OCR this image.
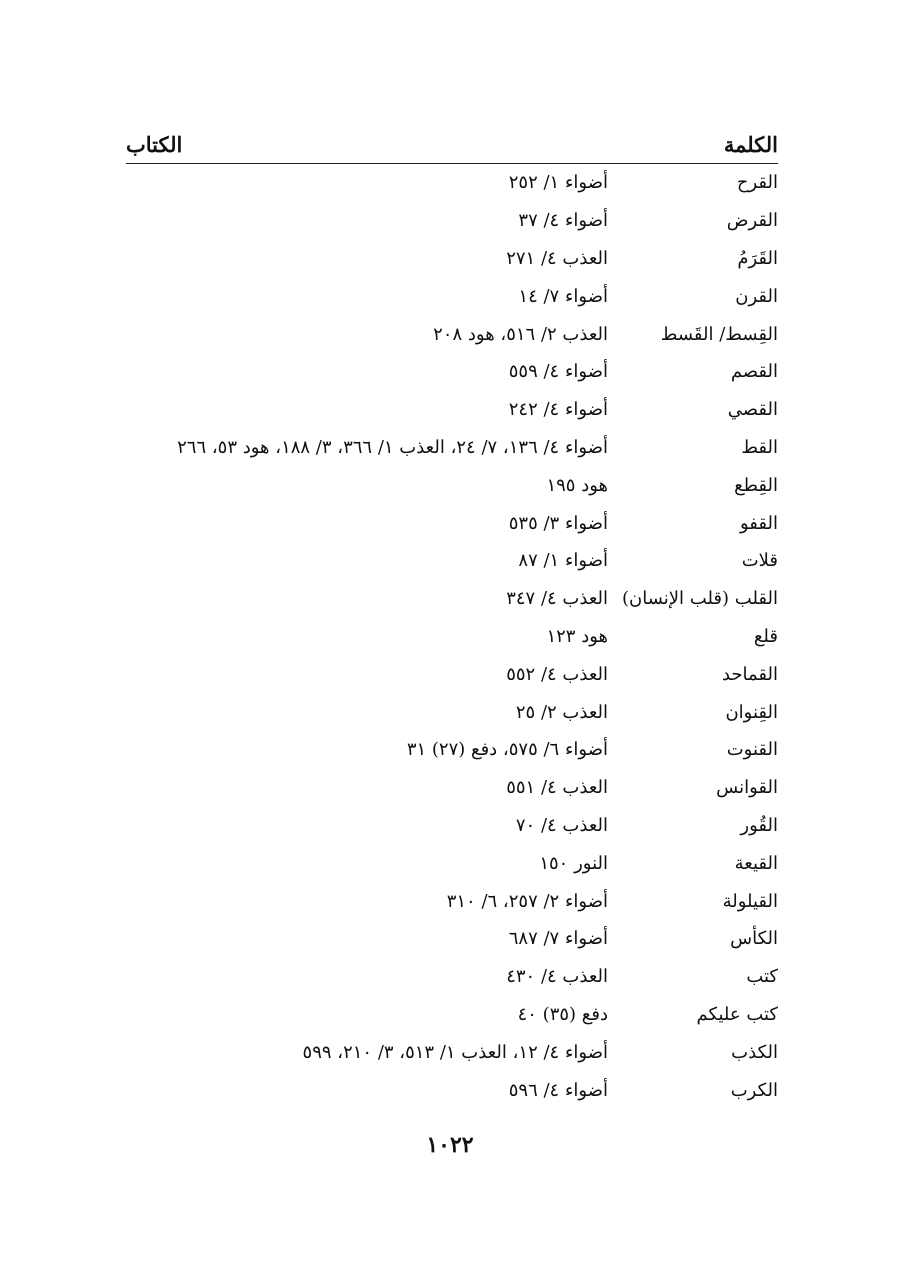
الكلمة
الكتاب
القرح
أضواء ١/ ٢٥٢
القرض
أضواء ٤/ ٣٧
القَرَمُ
العذب ٤/ ٢٧١
القرن
أضواء ٧/ ١٤
القِسط/ القَسط
العذب ٢/ ٥١٦، هود ٢٠٨
القصم
أضواء ٤/ ٥٥٩
القصي
أضواء ٤/ ٢٤٢
القط
أضواء ٤/ ١٣٦، ٧/ ٢٤، العذب ١/ ٣٦٦، ٣/ ١٨٨، هود ٥٣، ٢٦٦
القِطع
هود ١٩٥
القفو
أضواء ٣/ ٥٣٥
قلات
أضواء ١/ ٨٧
القلب (قلب الإنسان)
العذب ٤/ ٣٤٧
قلع
هود ١٢٣
القماحد
العذب ٤/ ٥٥٢
القِنوان
العذب ٢/ ٢٥
القنوت
أضواء ٦/ ٥٧٥، دفع (٢٧) ٣١
القوانس
العذب ٤/ ٥٥١
القُور
العذب ٤/ ٧٠
القيعة
النور ١٥٠
القيلولة
أضواء ٢/ ٢٥٧، ٦/ ٣١٠
الكأس
أضواء ٧/ ٦٨٧
كتب
العذب ٤/ ٤٣٠
كتب عليكم
دفع (٣٥) ٤٠
الكذب
أضواء ٤/ ١٢، العذب ١/ ٥١٣، ٣/ ٢١٠، ٥٩٩
الكرب
أضواء ٤/ ٥٩٦
١٠٢٢
